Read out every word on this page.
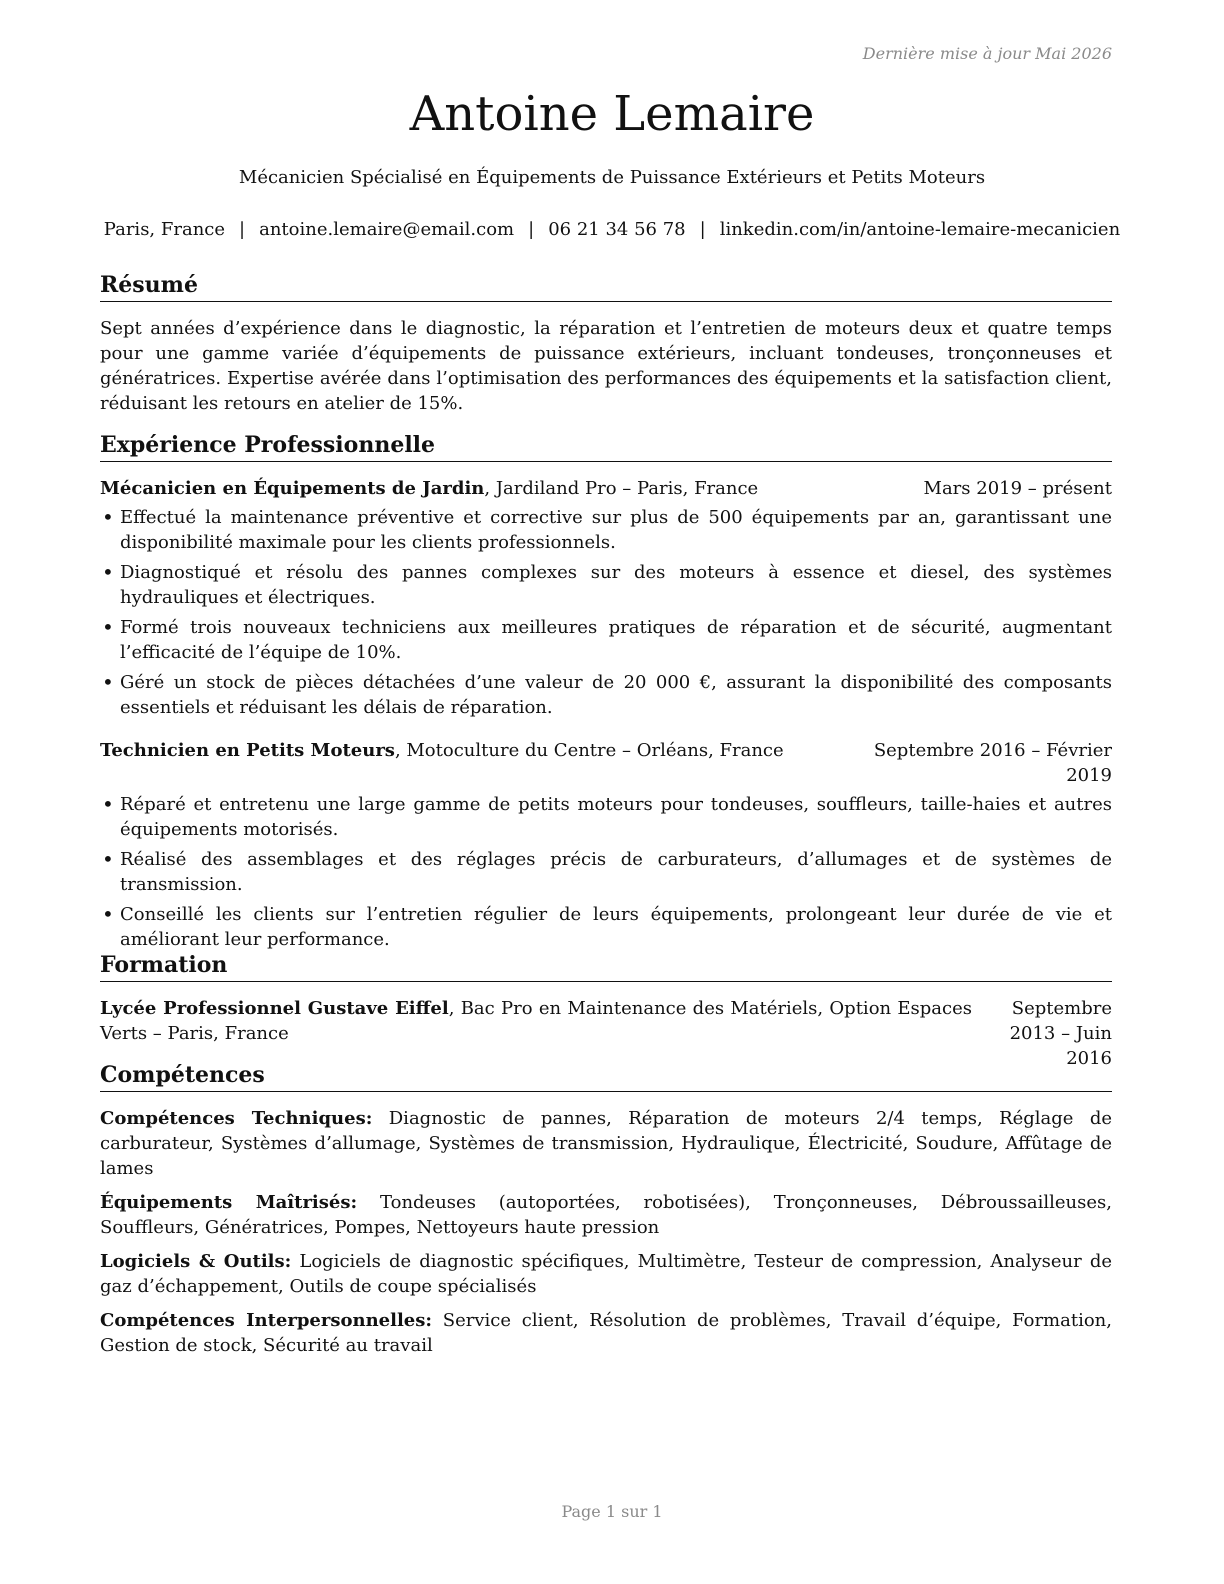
Dernière mise à jour Mai 2026
Antoine Lemaire
Mécanicien Spécialisé en Équipements de Puissance Extérieurs et Petits Moteurs
Paris, France | antoine.lemaire@email.com | 06 21 34 56 78 | linkedin.com/in/antoine-lemaire-mecanicien
Résumé

Sept années d’expérience dans le diagnostic, la réparation et l’entretien de moteurs deux et quatre temps pour une gamme variée d’équipements de puissance extérieurs, incluant tondeuses, tronçonneuses et génératrices. Expertise avérée dans l’optimisation des performances des équipements et la satisfaction client, réduisant les retours en atelier de 15%.

Expérience Professionnelle
Mécanicien en Équipements de Jardin, Jardiland Pro – Paris, France	Mars 2019 – présent
• Effectué la maintenance préventive et corrective sur plus de 500 équipements par an, garantissant une disponibilité maximale pour les clients professionnels.
• Diagnostiqué et résolu des pannes complexes sur des moteurs à essence et diesel, des systèmes hydrauliques et électriques.
• Formé trois nouveaux techniciens aux meilleures pratiques de réparation et de sécurité, augmentant l’efficacité de l’équipe de 10%.
• Géré un stock de pièces détachées d’une valeur de 20 000 €, assurant la disponibilité des composants essentiels et réduisant les délais de réparation.
Technicien en Petits Moteurs, Motoculture du Centre – Orléans, France	Septembre 2016 – Février 2019
• Réparé et entretenu une large gamme de petits moteurs pour tondeuses, souffleurs, taille-haies et autres équipements motorisés.
• Réalisé des assemblages et des réglages précis de carburateurs, d’allumages et de systèmes de transmission.
• Conseillé les clients sur l’entretien régulier de leurs équipements, prolongeant leur durée de vie et améliorant leur performance.
Formation
Lycée Professionnel Gustave Eiffel, Bac Pro en Maintenance des Matériels, Option Espaces Verts – Paris, France
Septembre 2013 – Juin 2016
Compétences

Compétences Techniques: Diagnostic de pannes, Réparation de moteurs 2/4 temps, Réglage de carburateur, Systèmes d’allumage, Systèmes de transmission, Hydraulique, Électricité, Soudure, Affûtage de lames

Équipements Maîtrisés: Tondeuses (autoportées, robotisées), Tronçonneuses, Débroussailleuses, Souffleurs, Génératrices, Pompes, Nettoyeurs haute pression

Logiciels & Outils: Logiciels de diagnostic spécifiques, Multimètre, Testeur de compression, Analyseur de gaz d’échappement, Outils de coupe spécialisés

Compétences Interpersonnelles: Service client, Résolution de problèmes, Travail d’équipe, Formation, Gestion de stock, Sécurité au travail

Page 1 sur 1
